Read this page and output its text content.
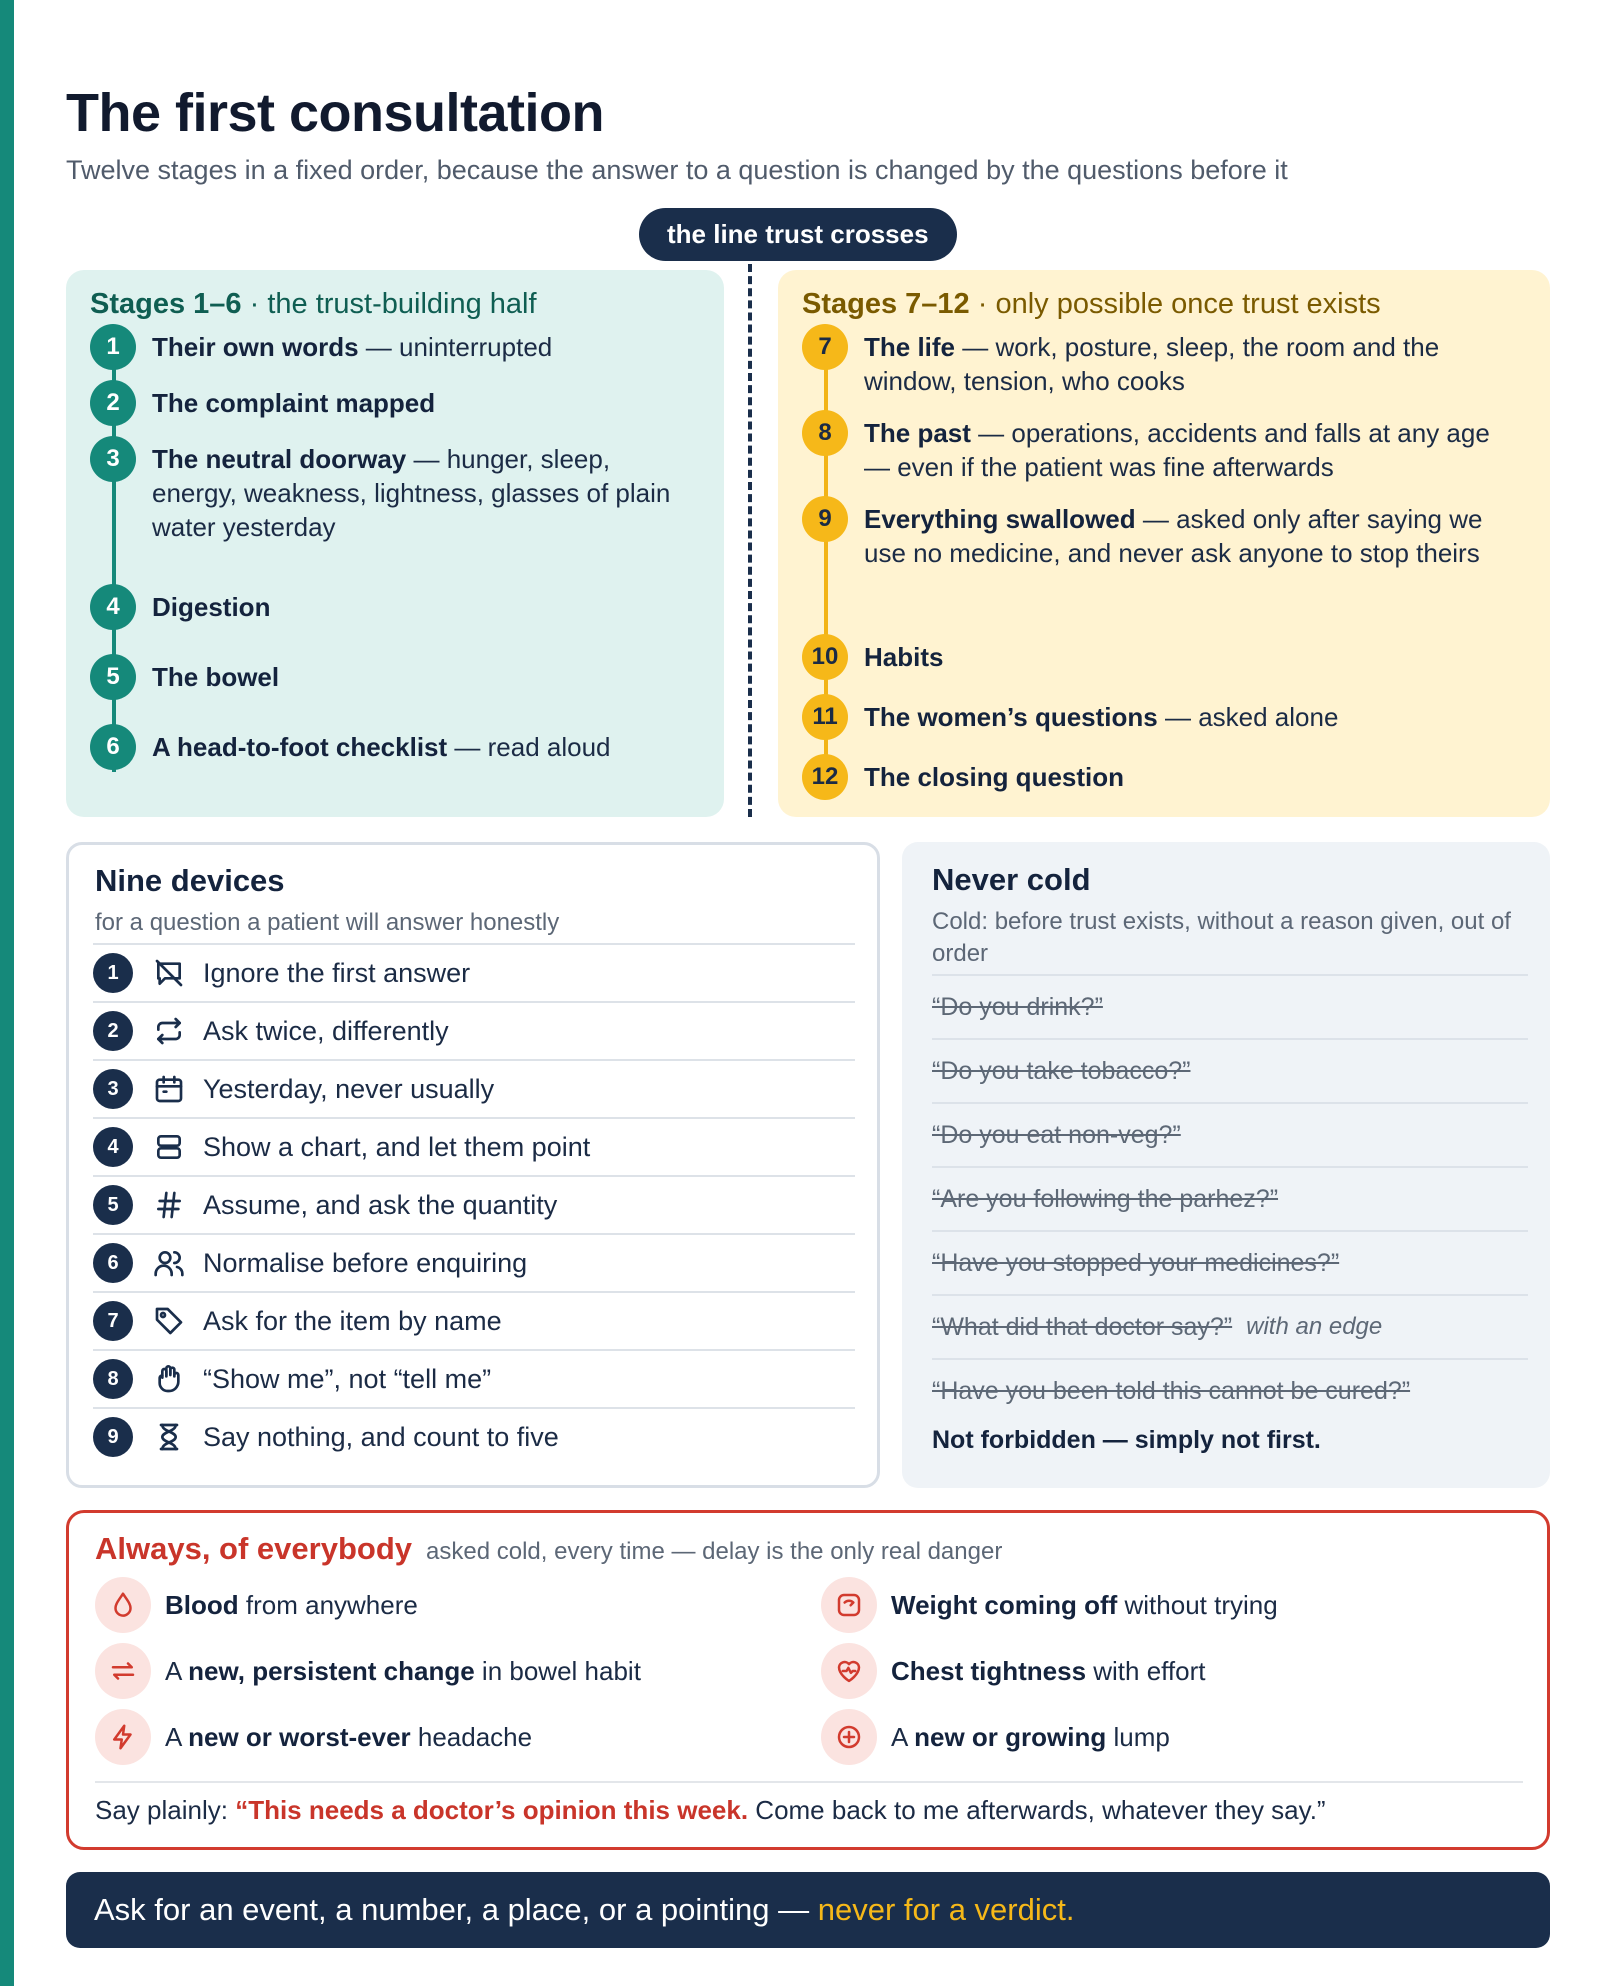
The first consultation

Twelve stages in a fixed order, because the answer to a question is changed by the questions before it

the line trust crosses
Stages 1–6 · the trust-building half
1	Their own words — uninterrupted
2	The complaint mapped
3	The neutral doorway — hunger, sleep, energy, weakness, lightness, glasses of plain water yesterday
4	Digestion
5	The bowel
6	A head-to-foot checklist — read aloud
Stages 7–12 · only possible once trust exists
7	The life — work, posture, sleep, the room and the window, tension, who cooks
8	The past — operations, accidents and falls at any age — even if the patient was fine afterwards
9	Everything swallowed — asked only after saying we use no medicine, and never ask anyone to stop theirs
10 Habits
11	The women’s questions — asked alone
12 The closing question
Nine devices
for a question a patient will answer honestly
1	Ignore the first answer
2	Ask twice, differently
3	Yesterday, never usually
4	Show a chart, and let them point
5	Assume, and ask the quantity
6	Normalise before enquiring
7	Ask for the item by name
8	“Show me”, not “tell me”
9	Say nothing, and count to five
Never cold
Cold: before trust exists, without a reason given, out of order
“Do you drink?”
“Do you take tobacco?”
“Do you eat non-veg?”
“Are you following the parhez?”
“Have you stopped your medicines?”
“What did that doctor say?” with an edge
“Have you been told this cannot be cured?”
Not forbidden — simply not first.
Always, of everybody asked cold, every time — delay is the only real danger
Blood from anywhere	Weight coming off without trying
A new, persistent change in bowel habit	Chest tightness with effort
A new or worst-ever headache	A new or growing lump
Say plainly: “This needs a doctor’s opinion this week. Come back to me afterwards, whatever they say.”
Ask for an event, a number, a place, or a pointing — never for a verdict.
